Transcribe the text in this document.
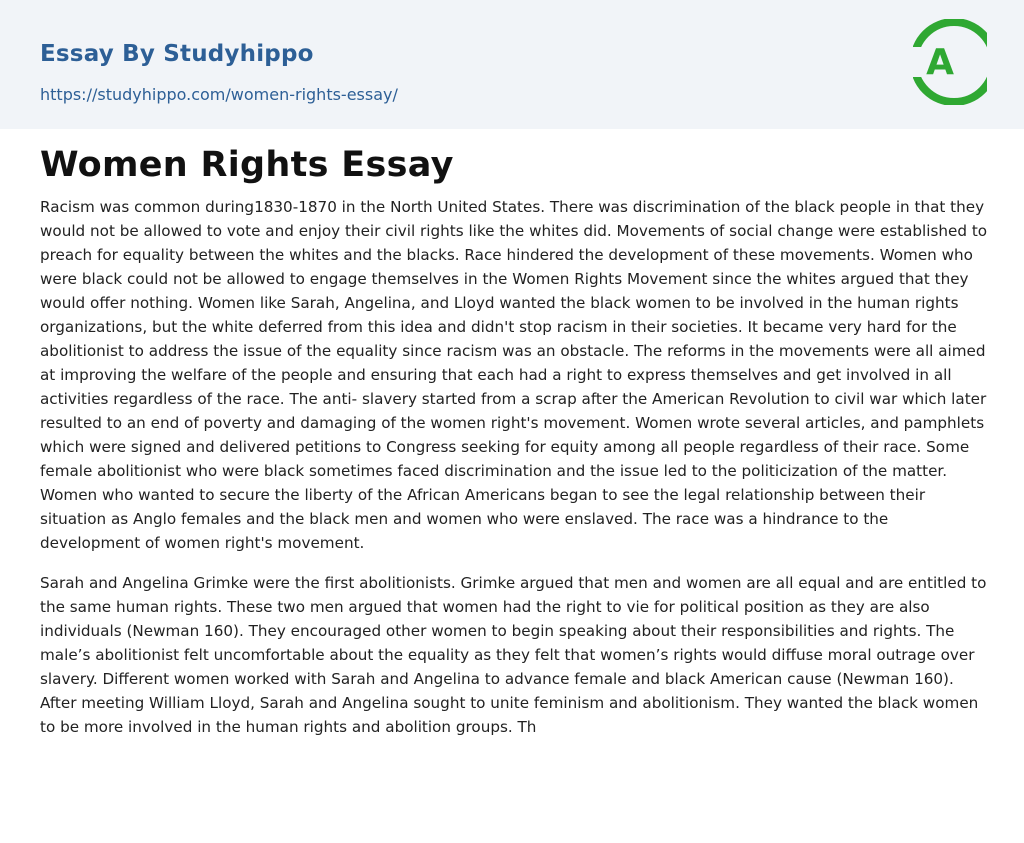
Essay By Studyhippo
https://studyhippo.com/women-rights-essay/
A
Women Rights Essay

Racism was common during1830-1870 in the North United States. There was discrimination of the black people in that they would not be allowed to vote and enjoy their civil rights like the whites did. Movements of social change were established to preach for equality between the whites and the blacks. Race hindered the development of these movements. Women who were black could not be allowed to engage themselves in the Women Rights Movement since the whites argued that they would offer nothing. Women like Sarah, Angelina, and Lloyd wanted the black women to be involved in the human rights organizations, but the white deferred from this idea and didn't stop racism in their societies. It became very hard for the abolitionist to address the issue of the equality since racism was an obstacle. The reforms in the movements were all aimed at improving the welfare of the people and ensuring that each had a right to express themselves and get involved in all activities regardless of the race. The anti- slavery started from a scrap after the American Revolution to civil war which later resulted to an end of poverty and damaging of the women right's movement. Women wrote several articles, and pamphlets which were signed and delivered petitions to Congress seeking for equity among all people regardless of their race. Some female abolitionist who were black sometimes faced discrimination and the issue led to the politicization of the matter. Women who wanted to secure the liberty of the African Americans began to see the legal relationship between their situation as Anglo females and the black men and women who were enslaved. The race was a hindrance to the development of women right's movement.

Sarah and Angelina Grimke were the first abolitionists. Grimke argued that men and women are all equal and are entitled to the same human rights. These two men argued that women had the right to vie for political position as they are also individuals (Newman 160). They encouraged other women to begin speaking about their responsibilities and rights. The male’s abolitionist felt uncomfortable about the equality as they felt that women’s rights would diffuse moral outrage over slavery. Different women worked with Sarah and Angelina to advance female and black American cause (Newman 160). After meeting William Lloyd, Sarah and Angelina sought to unite feminism and abolitionism. They wanted the black women to be more involved in the human rights and abolition groups. Th
